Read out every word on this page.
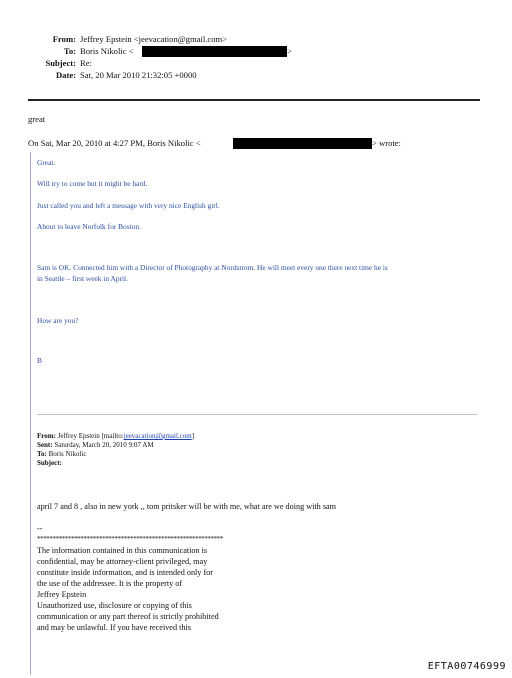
From: Jeffrey Epstein <jeevacation@gmail.com>
To: Boris Nikolic <	>
Subject: Re:
Date: Sat, 20 Mar 2010 21:32:05 +0000
great
On Sat, Mar 20, 2010 at 4:27 PM, Boris Nikolic <	> wrote:
Great.
Will try to come but it might be hard.
Just called you and left a message with very nice English girl.
About to leave Norfolk for Boston.
Sam is OK. Connected him with a Director of Photography at Nordstrom. He will meet every one there next time he is
in Seattle – first week in April.
How are you?
B
From: Jeffrey Epstein [mailto:jeevacation@gmail.com]
Sent: Saturday, March 20, 2010 9:07 AM
To: Boris Nikolic
Subject:
april 7 and 8 , also in new york ,, tom pritsker will be with me, what are we doing with sam
--
************************************************************
The information contained in this communication is
confidential, may be attorney-client privileged, may
constitute inside information, and is intended only for
the use of the addressee. It is the property of
Jeffrey Epstein
Unauthorized use, disclosure or copying of this
communication or any part thereof is strictly prohibited
and may be unlawful. If you have received this
EFTA00746999
